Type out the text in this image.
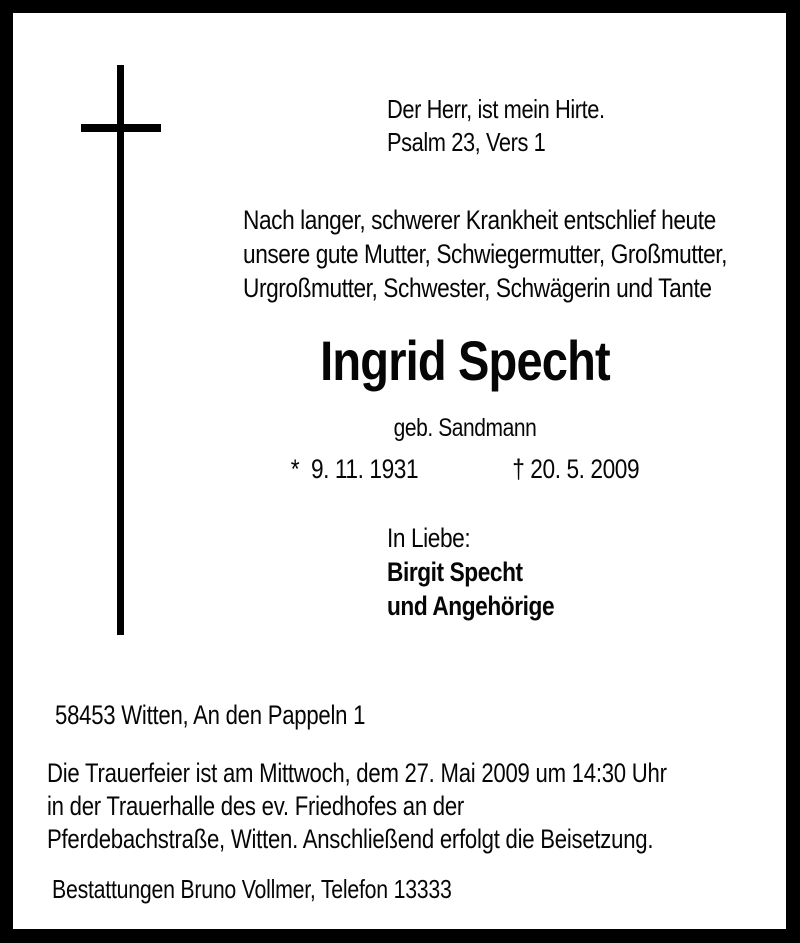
Der Herr, ist mein Hirte.
Psalm 23, Vers 1
Nach langer, schwerer Krankheit entschlief heute
unsere gute Mutter, Schwiegermutter, Großmutter,
Urgroßmutter, Schwester, Schwägerin und Tante
Ingrid Specht
geb. Sandmann
*  9. 11. 1931	† 20. 5. 2009
In Liebe:
Birgit Specht
und Angehörige
58453 Witten, An den Pappeln 1
Die Trauerfeier ist am Mittwoch, dem 27. Mai 2009 um 14:30 Uhr
in der Trauerhalle des ev. Friedhofes an der
Pferdebachstraße, Witten. Anschließend erfolgt die Beisetzung.
Bestattungen Bruno Vollmer, Telefon 13333
